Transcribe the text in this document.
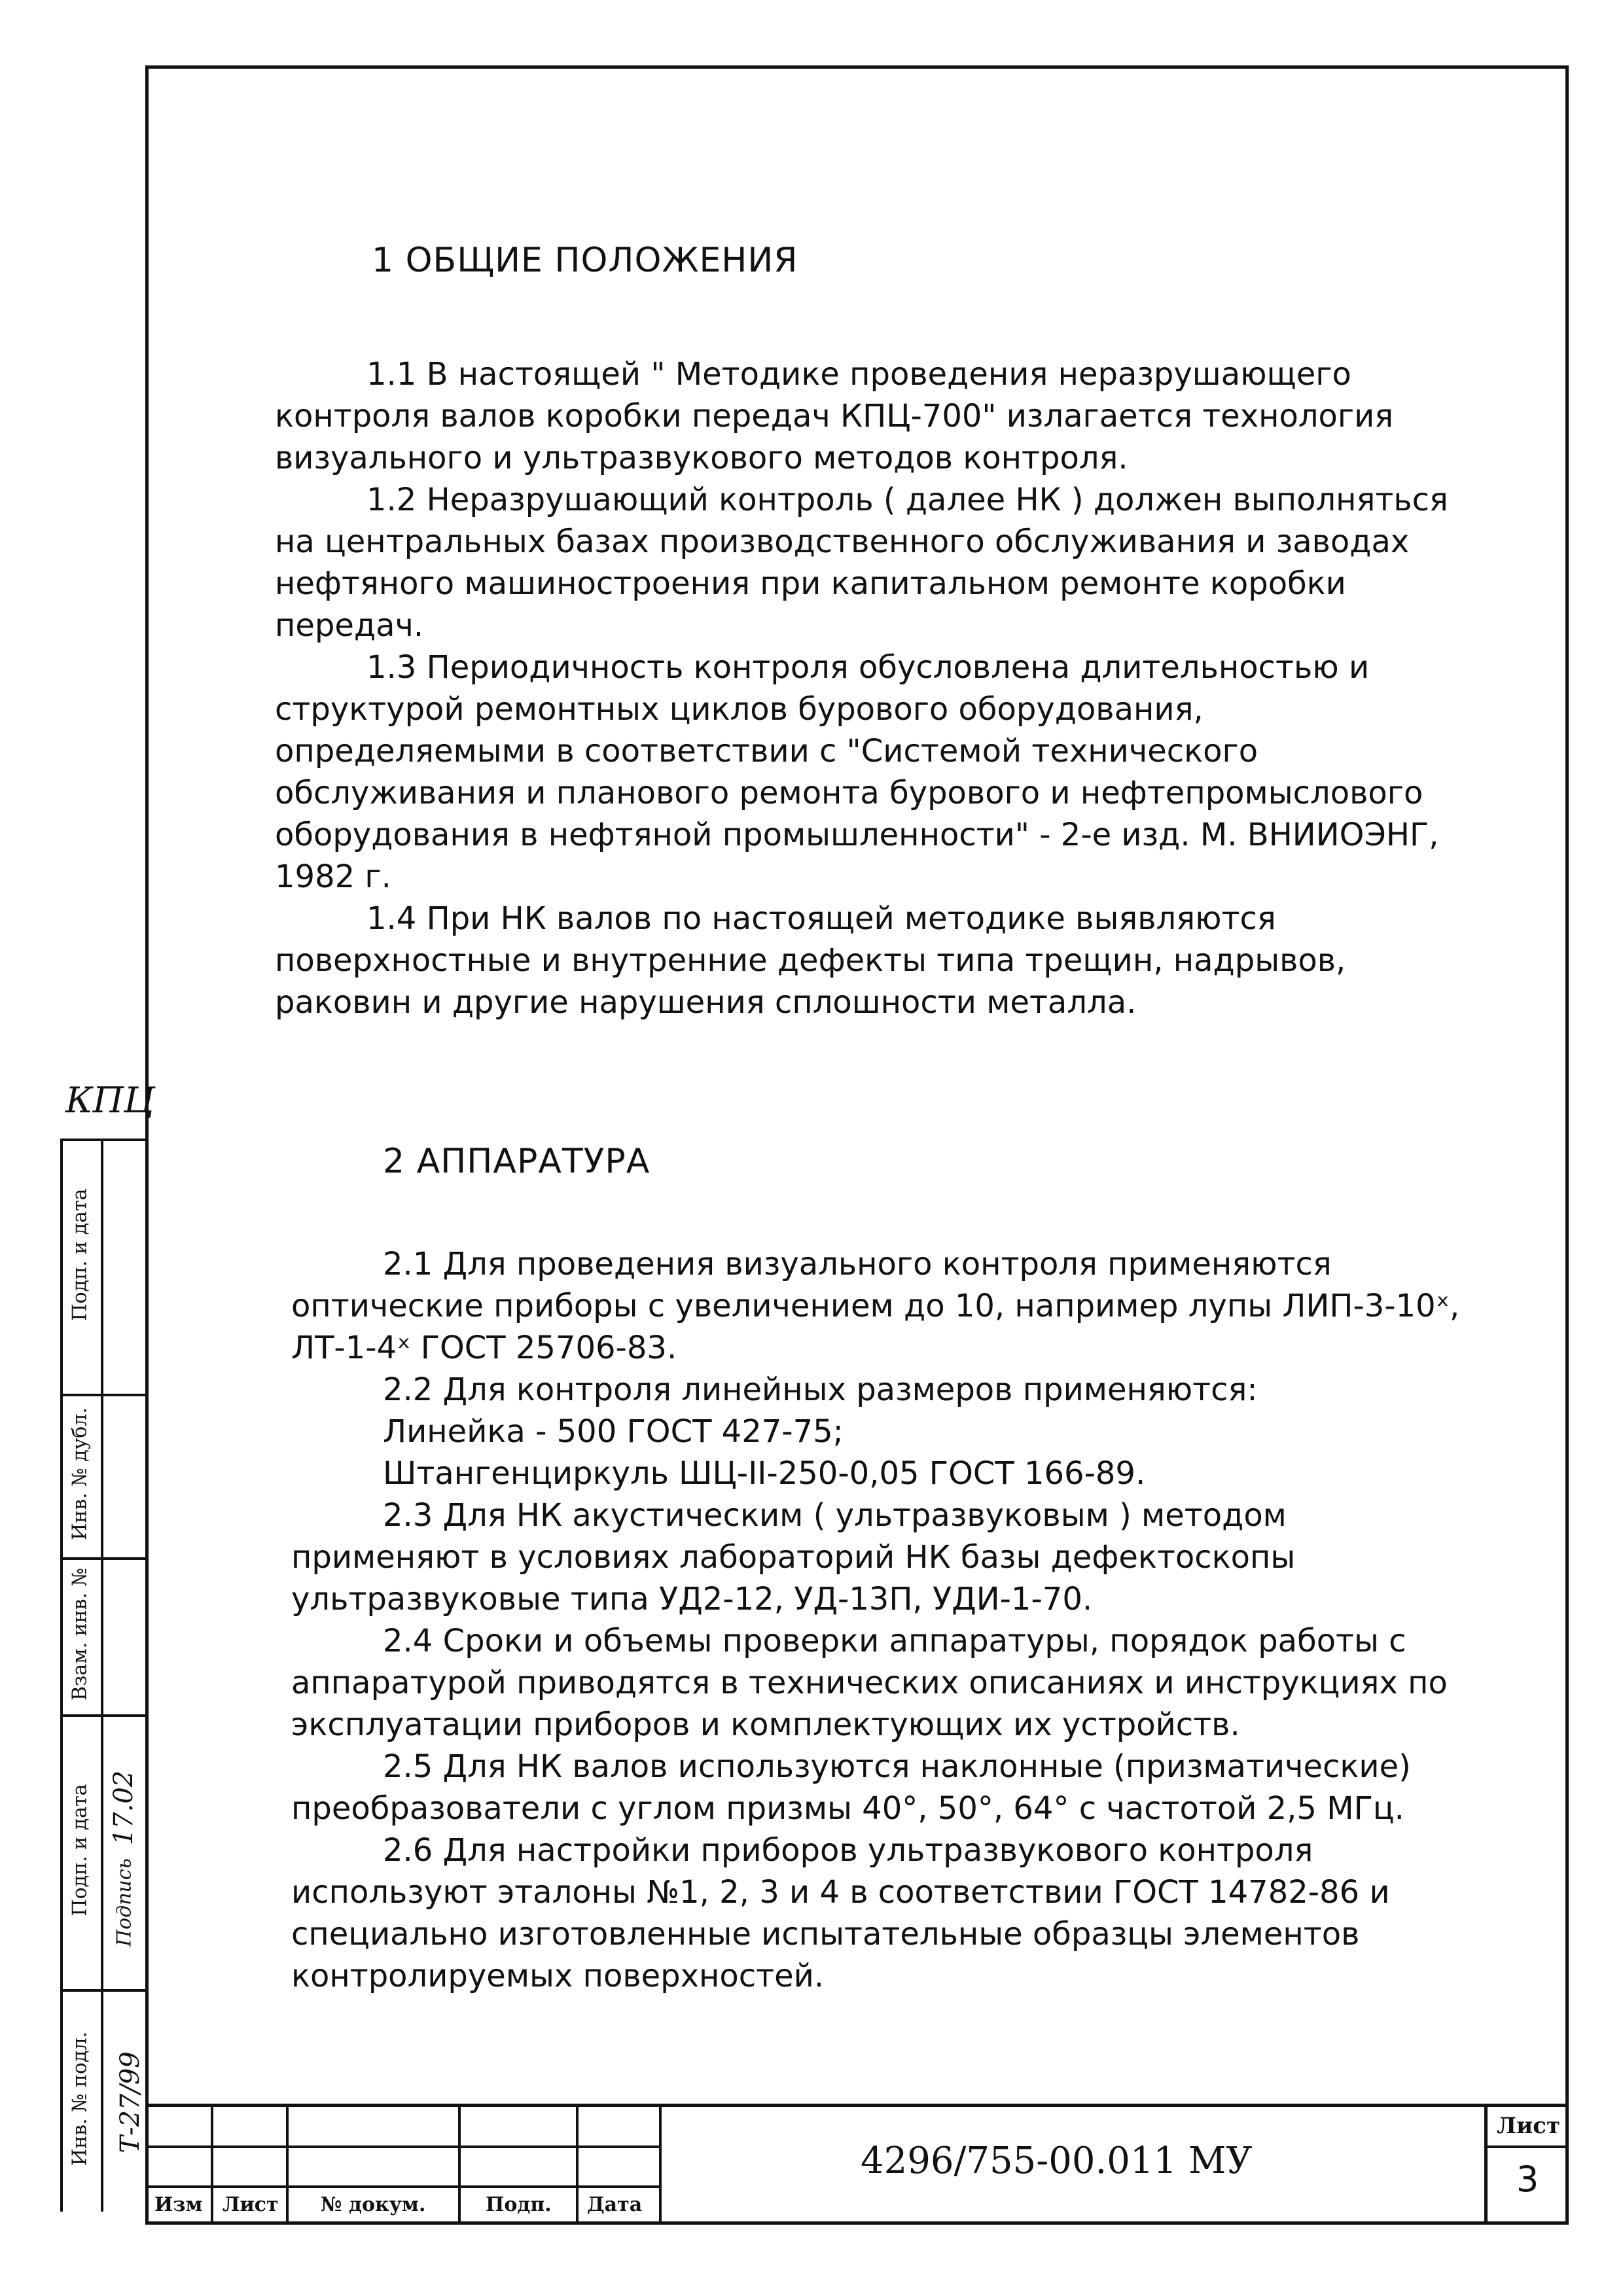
1 ОБЩИЕ ПОЛОЖЕНИЯ

1.1 В настоящей " Методике проведения неразрушающего контроля валов коробки передач КПЦ-700" излагается технология визуального и ультразвукового методов контроля.

1.2 Неразрушающий контроль ( далее НК ) должен выполняться на центральных базах производственного обслуживания и заводах нефтяного машиностроения при капитальном ремонте коробки передач.

1.3 Периодичность контроля обусловлена длительностью и структурой ремонтных циклов бурового оборудования, определяемыми в соответствии с "Системой технического обслуживания и планового ремонта бурового и нефтепромыслового оборудования в нефтяной промышленности" - 2-е изд. М. ВНИИОЭНГ, 1982 г.

1.4 При НК валов по настоящей методике выявляются поверхностные и внутренние дефекты типа трещин, надрывов, раковин и другие нарушения сплошности металла.

2 АППАРАТУРА

2.1 Для проведения визуального контроля применяются оптические приборы с увеличением до 10, например лупы ЛИП-3-10ˣ, ЛТ-1-4ˣ ГОСТ 25706-83.

2.2 Для контроля линейных размеров применяются:

Линейка - 500 ГОСТ 427-75;

Штангенциркуль ШЦ-II-250-0,05 ГОСТ 166-89.

2.3 Для НК акустическим ( ультразвуковым ) методом применяют в условиях лабораторий НК базы дефектоскопы ультразвуковые типа УД2-12, УД-13П, УДИ-1-70.

2.4 Сроки и объемы проверки аппаратуры, порядок работы с аппаратурой приводятся в технических описаниях и инструкциях по эксплуатации приборов и комплектующих их устройств.

2.5 Для НК валов используются наклонные (призматические) преобразователи с углом призмы 40°, 50°, 64° с частотой 2,5 МГц.

2.6 Для настройки приборов ультразвукового контроля используют эталоны №1, 2, 3 и 4 в соответствии ГОСТ 14782-86 и специально изготовленные испытательные образцы элементов контролируемых поверхностей.

КПЦ
Подп. и дата
Инв. № дубл.
Взам. инв. №
Подп. и дата
Инв. № подл.
17.02
Подпись
Т-27/99
Изм Лист № докум.	Подп. Дата
4296/755-00.011 МУ
Лист
3
